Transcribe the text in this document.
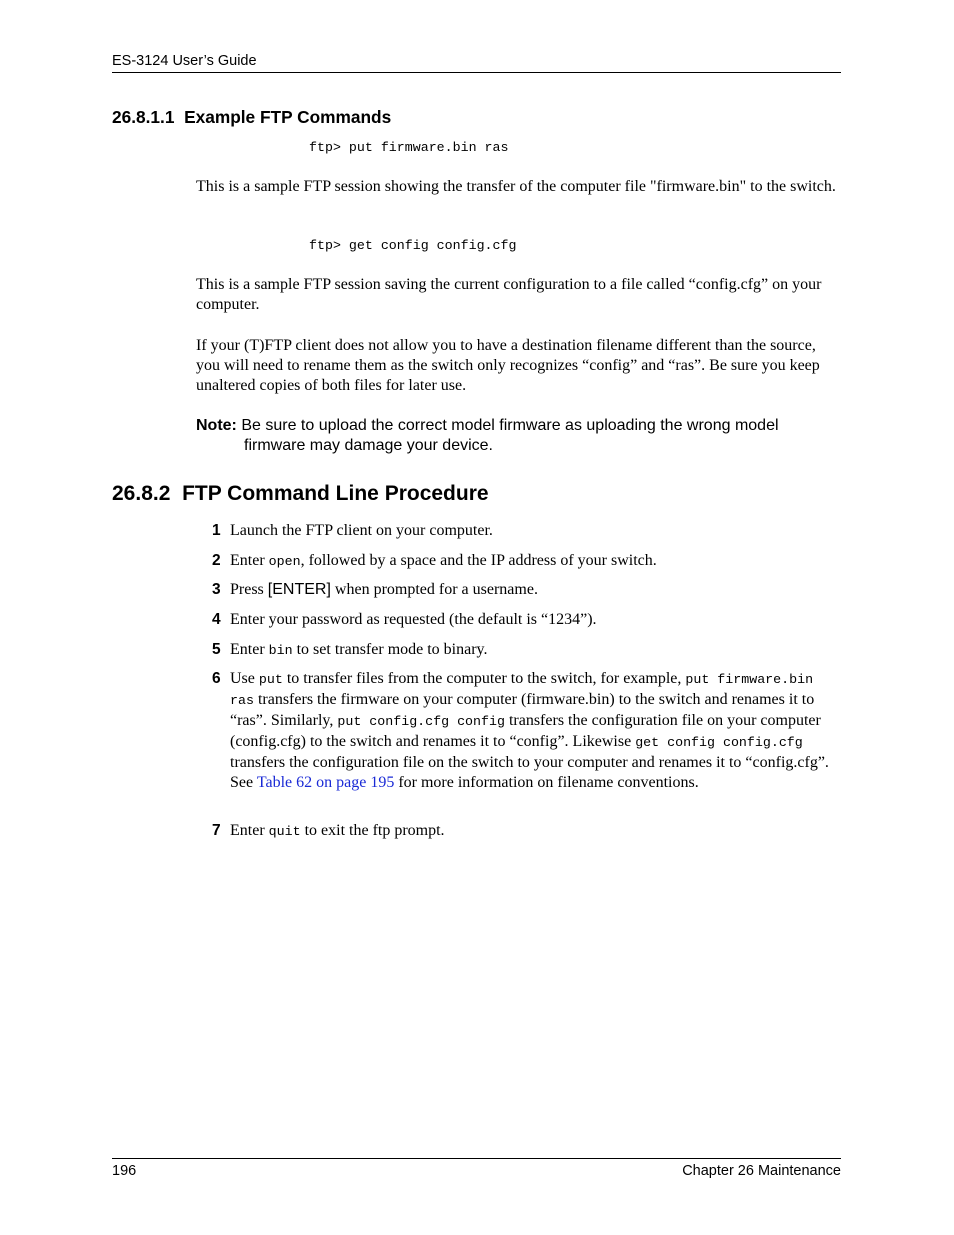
ES-3124 User’s Guide
26.8.1.1 Example FTP Commands
ftp> put firmware.bin ras
This is a sample FTP session showing the transfer of the computer file "firmware.bin" to the switch.
ftp> get config config.cfg
This is a sample FTP session saving the current configuration to a file called “config.cfg” on your computer.
If your (T)FTP client does not allow you to have a destination filename different than the source, you will need to rename them as the switch only recognizes “config” and “ras”. Be sure you keep unaltered copies of both files for later use.
Note: Be sure to upload the correct model firmware as uploading the wrong model
firmware may damage your device.
26.8.2 FTP Command Line Procedure
1 Launch the FTP client on your computer.
2 Enter open, followed by a space and the IP address of your switch.
3 Press [ENTER] when prompted for a username.
4 Enter your password as requested (the default is “1234”).
5 Enter bin to set transfer mode to binary.
6 Use put to transfer files from the computer to the switch, for example, put firmware.bin ras transfers the firmware on your computer (firmware.bin) to the switch and renames it to “ras”. Similarly, put config.cfg config transfers the configuration file on your computer (config.cfg) to the switch and renames it to “config”. Likewise get config config.cfg transfers the configuration file on the switch to your computer and renames it to “config.cfg”. See Table 62 on page 195 for more information on filename conventions.
7 Enter quit to exit the ftp prompt.
196	Chapter 26 Maintenance
